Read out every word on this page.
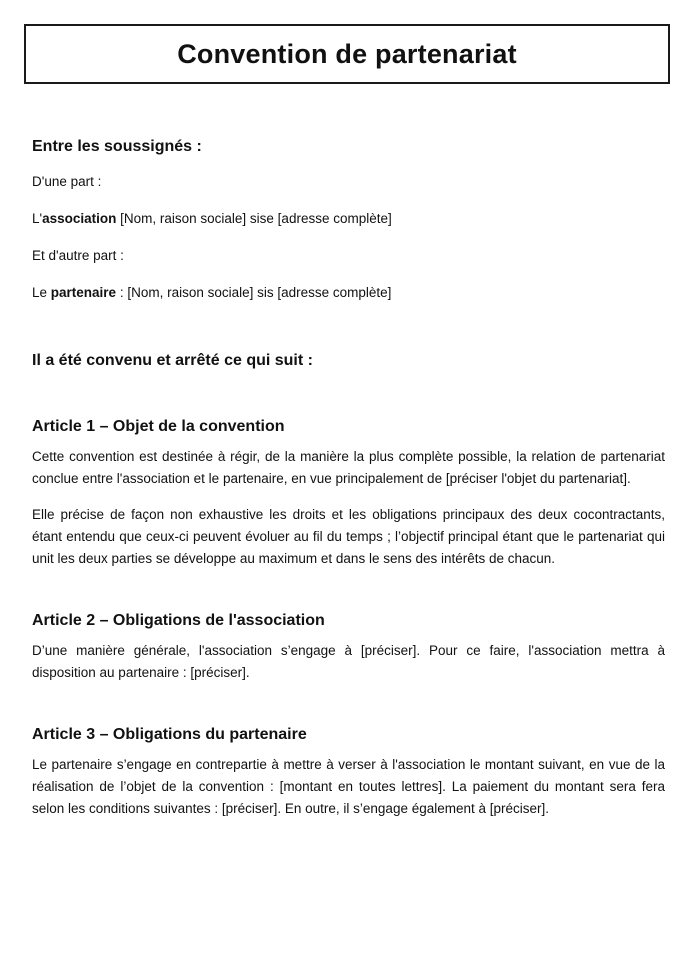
Convention de partenariat
Entre les soussignés :

D'une part :

L'association [Nom, raison sociale] sise [adresse complète]

Et d'autre part :

Le partenaire : [Nom, raison sociale] sis [adresse complète]

Il a été convenu et arrêté ce qui suit :
Article 1 – Objet de la convention

Cette convention est destinée à régir, de la manière la plus complète possible, la relation de partenariat conclue entre l'association et le partenaire, en vue principalement de [préciser l'objet du partenariat].

Elle précise de façon non exhaustive les droits et les obligations principaux des deux cocontractants, étant entendu que ceux-ci peuvent évoluer au fil du temps ; l’objectif principal étant que le partenariat qui unit les deux parties se développe au maximum et dans le sens des intérêts de chacun.

Article 2 – Obligations de l'association

D’une manière générale, l'association s’engage à [préciser]. Pour ce faire, l'association mettra à disposition au partenaire : [préciser].

Article 3 – Obligations du partenaire

Le partenaire s’engage en contrepartie à mettre à verser à l'association le montant suivant, en vue de la réalisation de l’objet de la convention : [montant en toutes lettres]. La paiement du montant sera fera selon les conditions suivantes : [préciser]. En outre, il s’engage également à [préciser].
